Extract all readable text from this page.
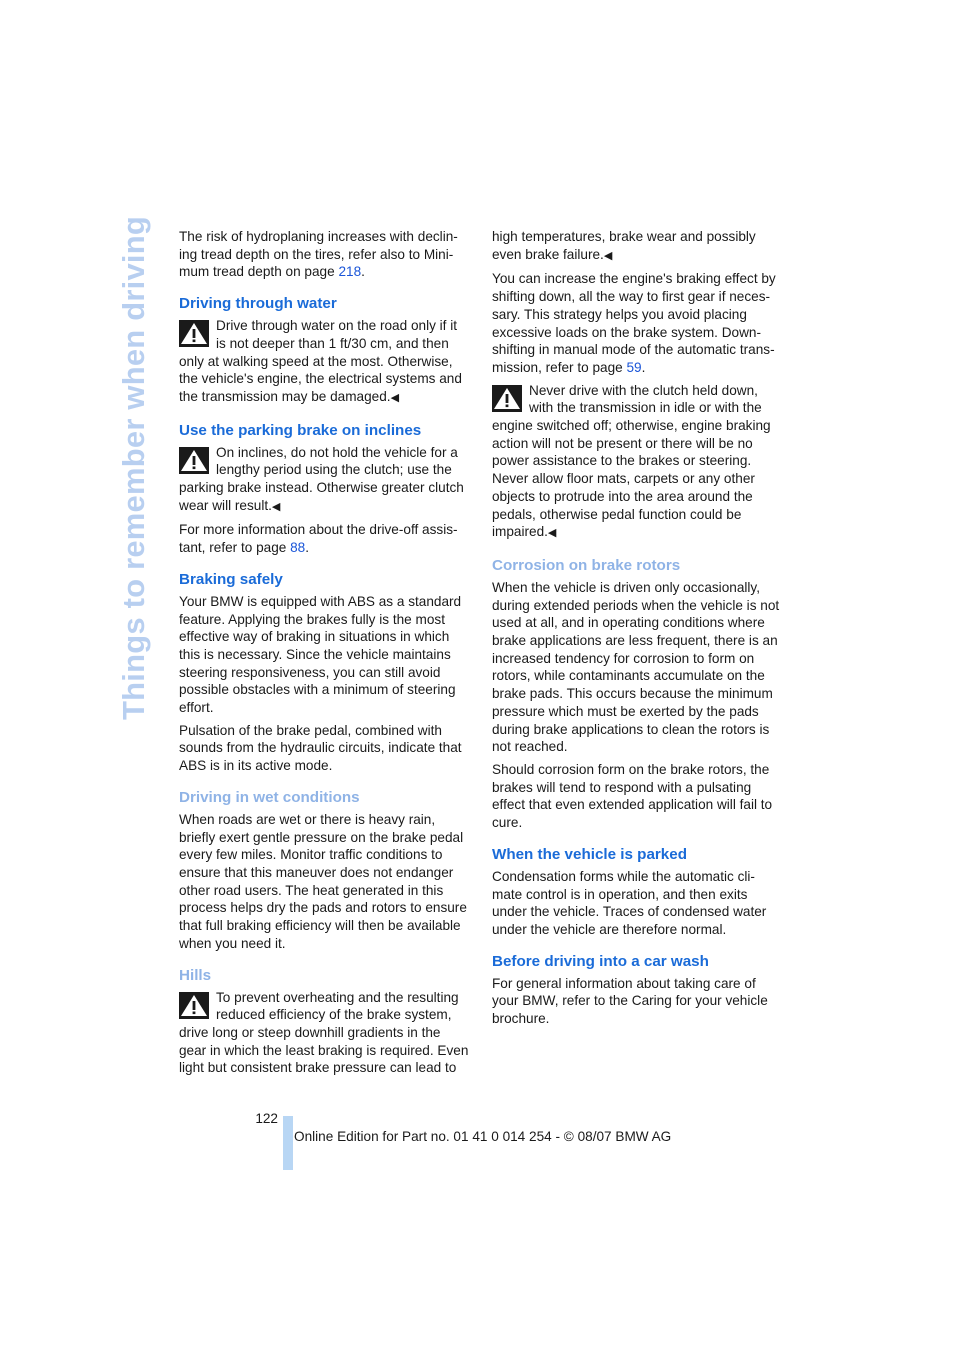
Things to remember when driving The risk of hydroplaning increases with declin-ing tread depth on the tires, refer also to Mini-mum tread depth on page 218.

Driving through water

Drive through water on the road only if it is not deeper than 1 ft/30 cm, and then only at walking speed at the most. Otherwise, the vehicle's engine, the electrical systems and the transmission may be damaged.◀

Use the parking brake on inclines

On inclines, do not hold the vehicle for a lengthy period using the clutch; use the parking brake instead. Otherwise greater clutch wear will result.◀

For more information about the drive-off assis-tant, refer to page 88.

Braking safely

Your BMW is equipped with ABS as a standard feature. Applying the brakes fully is the most effective way of braking in situations in which this is necessary. Since the vehicle maintains steering responsiveness, you can still avoid possible obstacles with a minimum of steering effort.

Pulsation of the brake pedal, combined with sounds from the hydraulic circuits, indicate that ABS is in its active mode.

Driving in wet conditions

When roads are wet or there is heavy rain, briefly exert gentle pressure on the brake pedal every few miles. Monitor traffic conditions to ensure that this maneuver does not endanger other road users. The heat generated in this process helps dry the pads and rotors to ensure that full braking efficiency will then be available when you need it.

Hills

To prevent overheating and the resulting reduced efficiency of the brake system, drive long or steep downhill gradients in the gear in which the least braking is required. Even light but consistent brake pressure can lead to

high temperatures, brake wear and possibly even brake failure.◀

You can increase the engine's braking effect by shifting down, all the way to first gear if neces-sary. This strategy helps you avoid placing excessive loads on the brake system. Down-shifting in manual mode of the automatic trans-mission, refer to page 59.

Never drive with the clutch held down, with the transmission in idle or with the engine switched off; otherwise, engine braking action will not be present or there will be no power assistance to the brakes or steering. Never allow floor mats, carpets or any other objects to protrude into the area around the pedals, otherwise pedal function could be impaired.◀

Corrosion on brake rotors

When the vehicle is driven only occasionally, during extended periods when the vehicle is not used at all, and in operating conditions where brake applications are less frequent, there is an increased tendency for corrosion to form on rotors, while contaminants accumulate on the brake pads. This occurs because the minimum pressure which must be exerted by the pads during brake applications to clean the rotors is not reached.

Should corrosion form on the brake rotors, the brakes will tend to respond with a pulsating effect that even extended application will fail to cure.

When the vehicle is parked

Condensation forms while the automatic cli-mate control is in operation, and then exits under the vehicle. Traces of condensed water under the vehicle are therefore normal.

Before driving into a car wash

For general information about taking care of your BMW, refer to the Caring for your vehicle brochure.

122
Online Edition for Part no. 01 41 0 014 254 - © 08/07 BMW AG
